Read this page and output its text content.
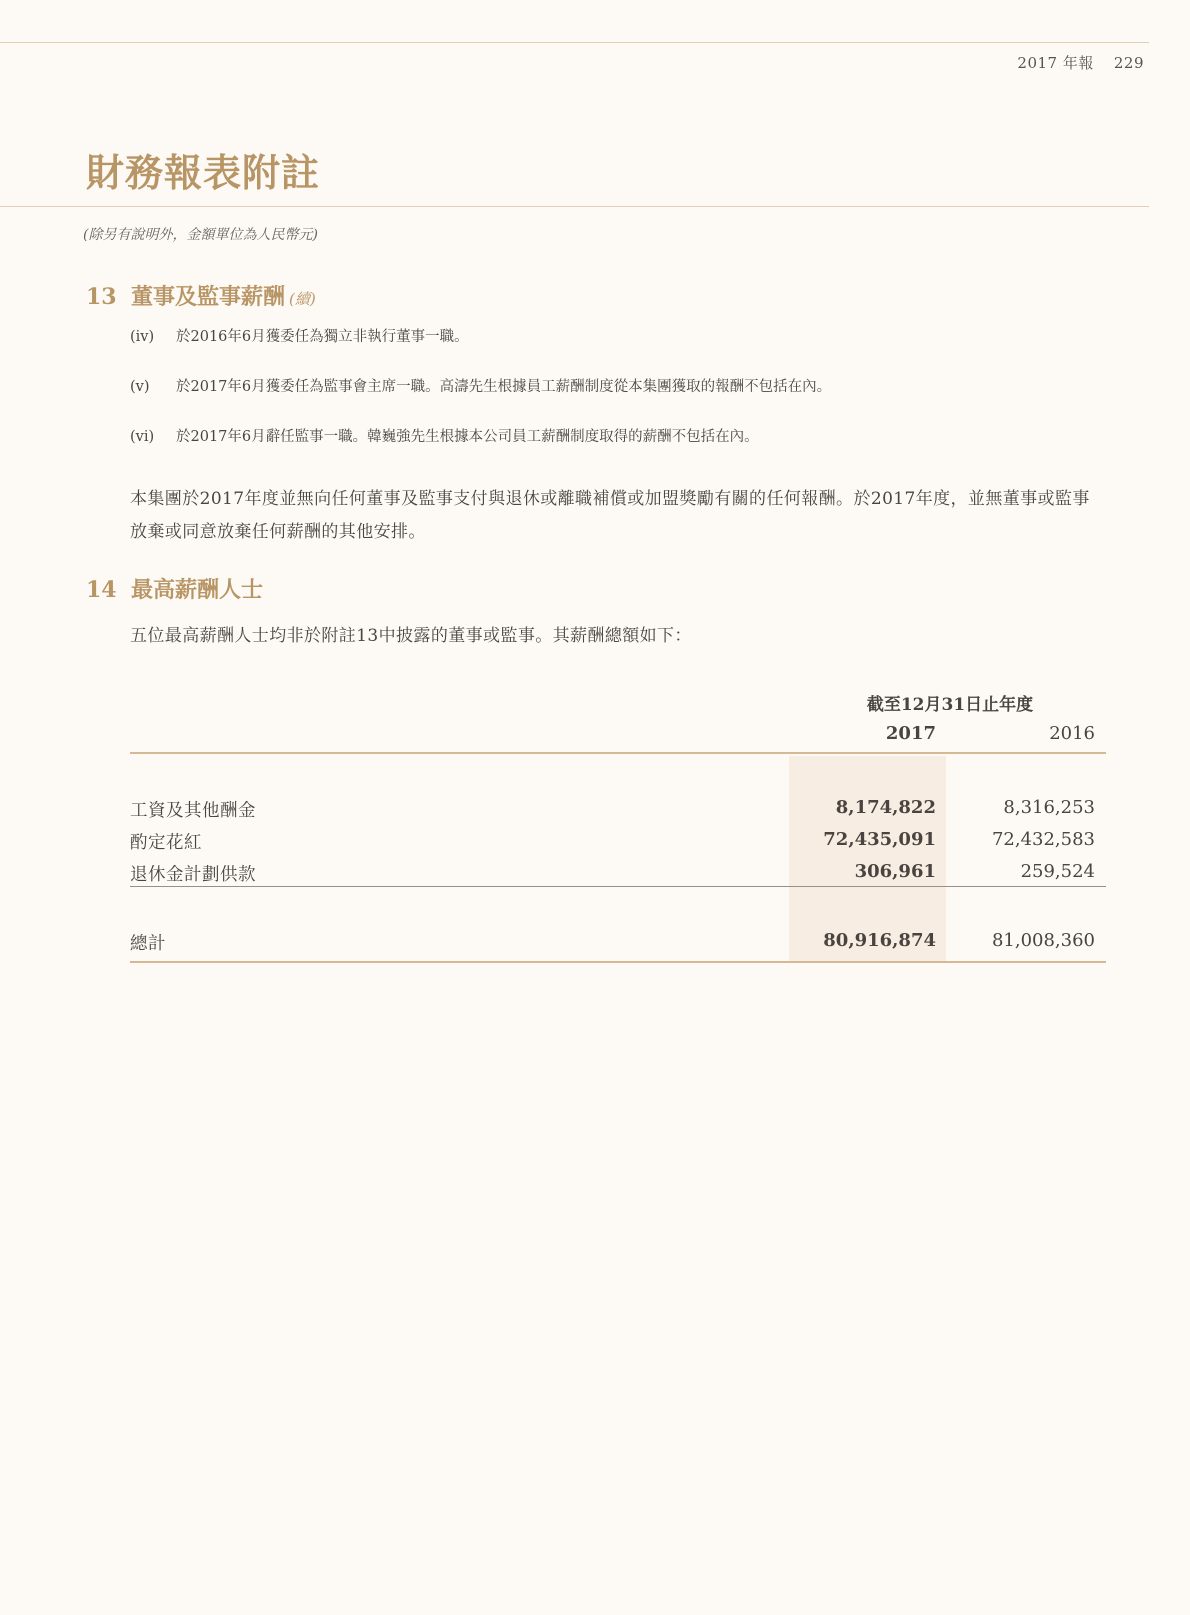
2017 年報 229
財務報表附註
(除另有說明外，金額單位為人民幣元)
13 董事及監事薪酬 (續)
(iv) 於2016年6月獲委任為獨立非執行董事一職。
(v) 於2017年6月獲委任為監事會主席一職。高濤先生根據員工薪酬制度從本集團獲取的報酬不包括在內。
(vi) 於2017年6月辭任監事一職。韓巍強先生根據本公司員工薪酬制度取得的薪酬不包括在內。
本集團於2017年度並無向任何董事及監事支付與退休或離職補償或加盟獎勵有關的任何報酬。於2017年度，並無董事或監事放棄或同意放棄任何薪酬的其他安排。
14 最高薪酬人士
五位最高薪酬人士均非於附註13中披露的董事或監事。其薪酬總額如下：
截至12月31日止年度
2017	2016
工資及其他酬金	8,174,822	8,316,253
酌定花紅	72,435,091	72,432,583
退休金計劃供款	306,961	259,524
總計	80,916,874	81,008,360
